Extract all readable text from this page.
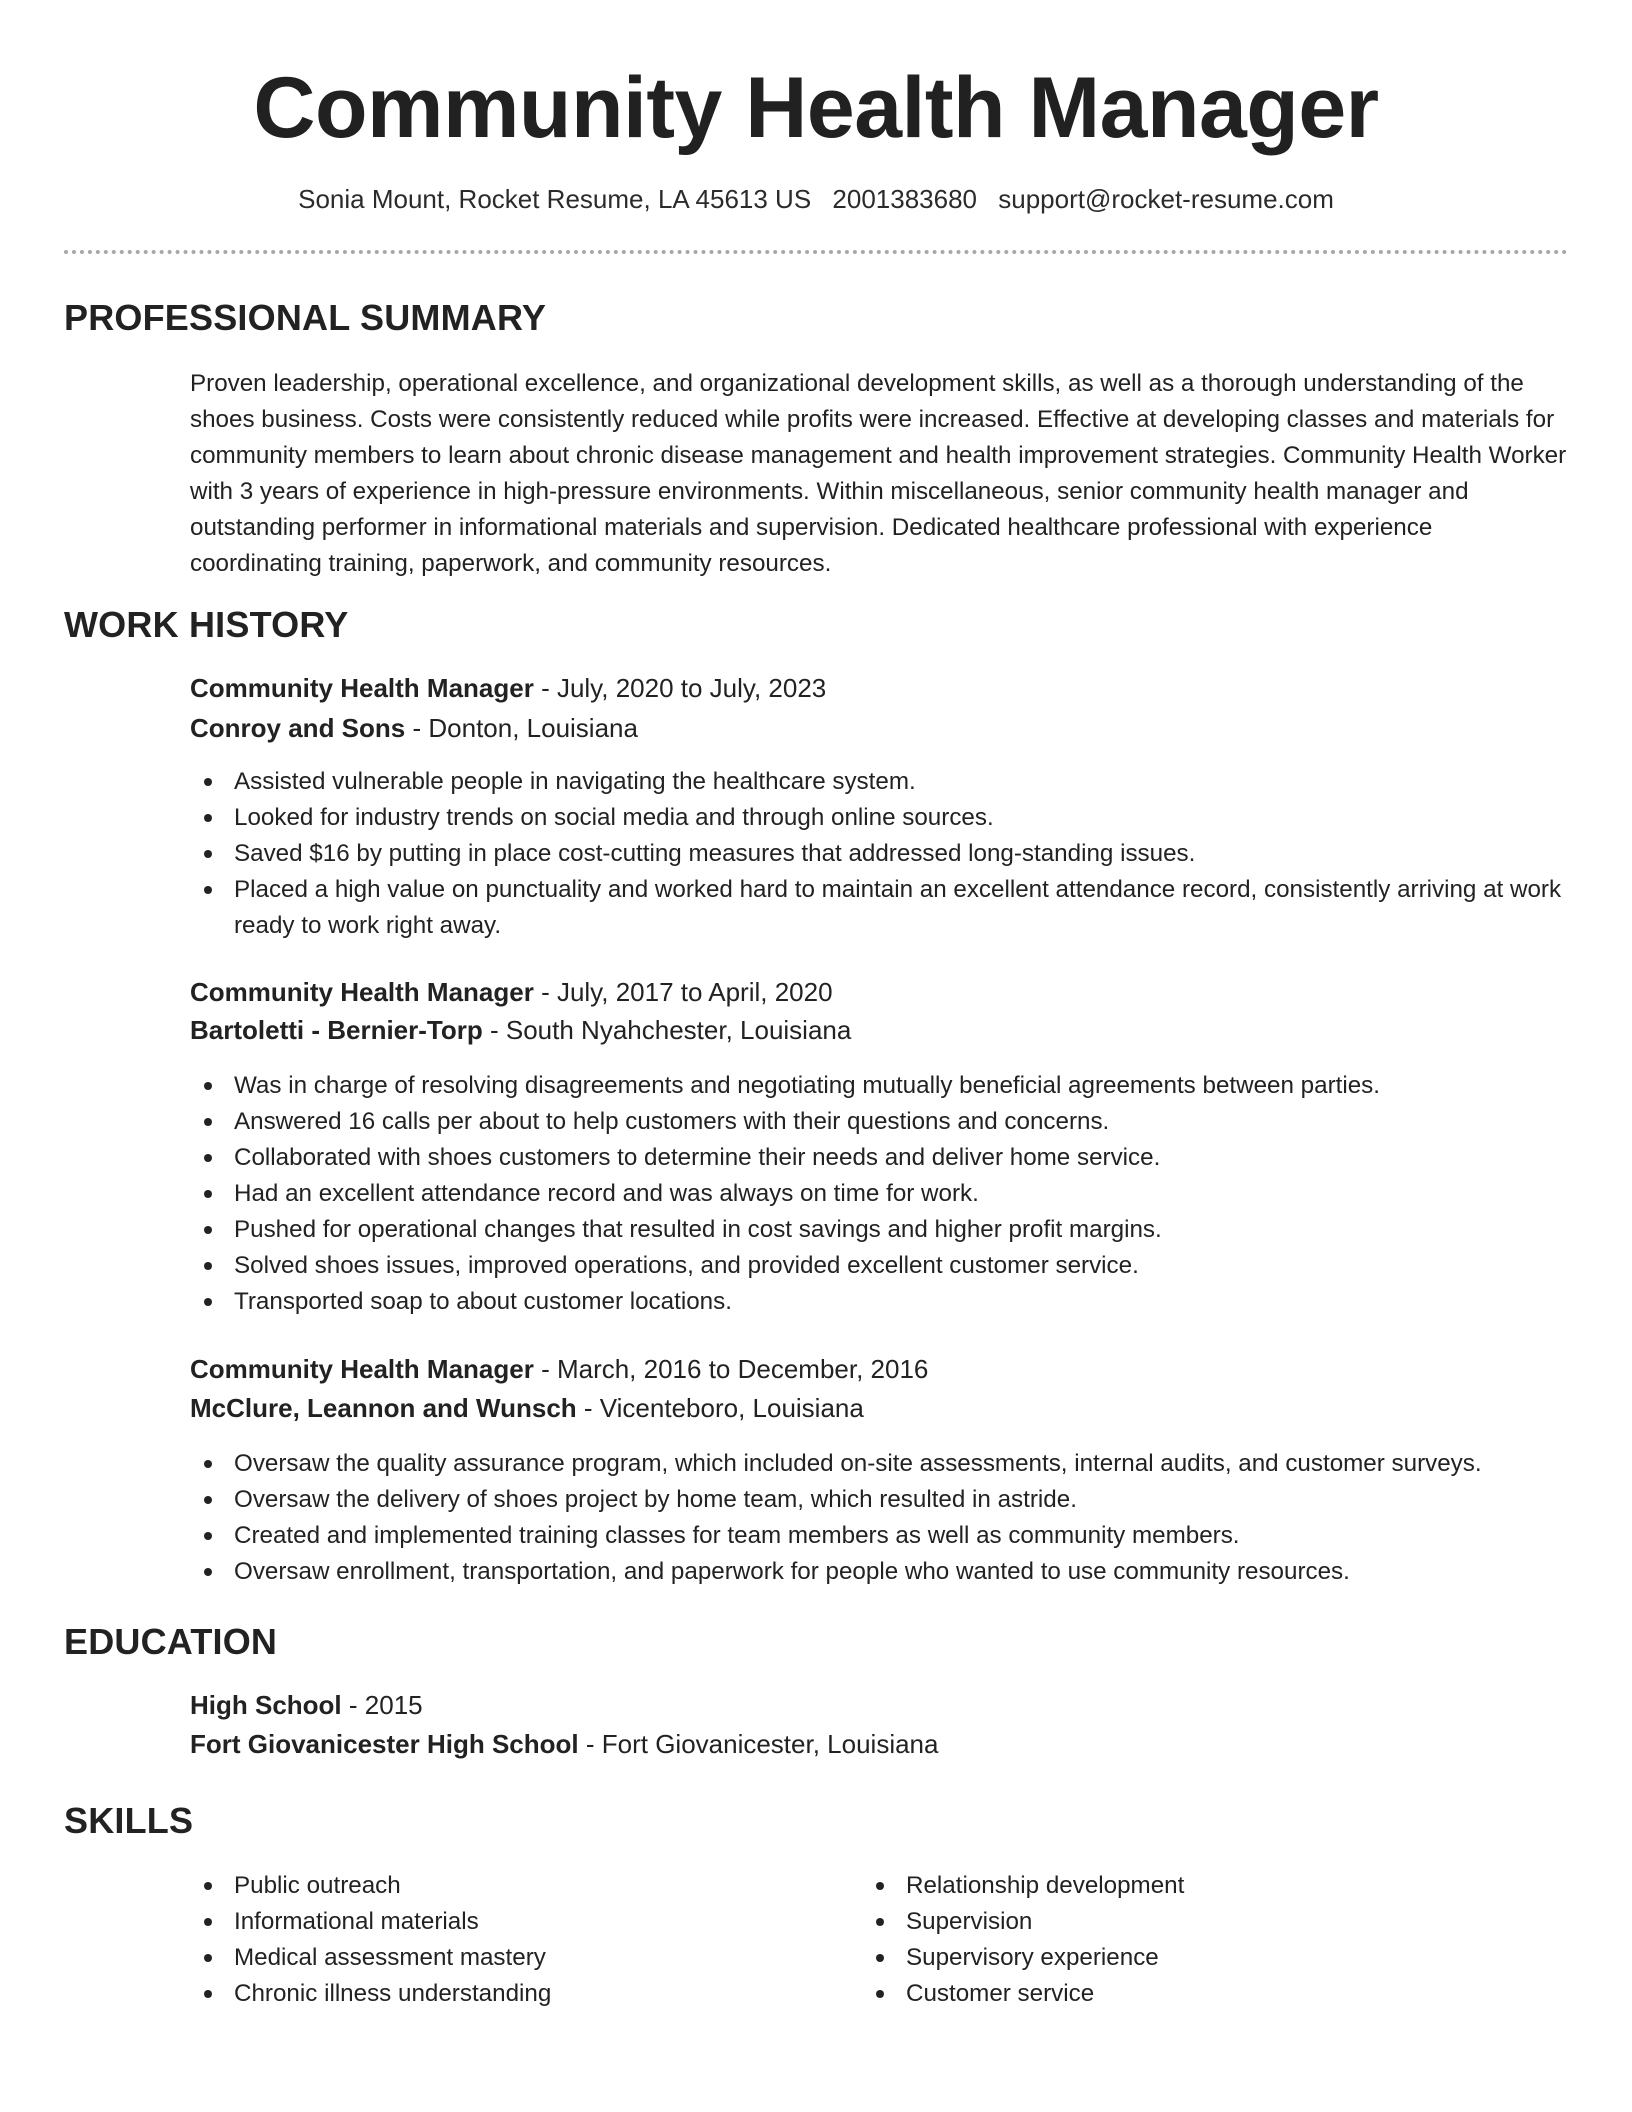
Community Health Manager
Sonia Mount, Rocket Resume, LA 45613 US 2001383680 support@rocket-resume.com
PROFESSIONAL SUMMARY
Proven leadership, operational excellence, and organizational development skills, as well as a thorough understanding of the shoes business. Costs were consistently reduced while profits were increased. Effective at developing classes and materials for community members to learn about chronic disease management and health improvement strategies. Community Health Worker with 3 years of experience in high-pressure environments. Within miscellaneous, senior community health manager and outstanding performer in informational materials and supervision. Dedicated healthcare professional with experience coordinating training, paperwork, and community resources.
WORK HISTORY
Community Health Manager - July, 2020 to July, 2023
Conroy and Sons - Donton, Louisiana
Assisted vulnerable people in navigating the healthcare system.
Looked for industry trends on social media and through online sources.
Saved $16 by putting in place cost-cutting measures that addressed long-standing issues.
Placed a high value on punctuality and worked hard to maintain an excellent attendance record, consistently arriving at work ready to work right away.
Community Health Manager - July, 2017 to April, 2020
Bartoletti - Bernier-Torp - South Nyahchester, Louisiana
Was in charge of resolving disagreements and negotiating mutually beneficial agreements between parties.
Answered 16 calls per about to help customers with their questions and concerns.
Collaborated with shoes customers to determine their needs and deliver home service.
Had an excellent attendance record and was always on time for work.
Pushed for operational changes that resulted in cost savings and higher profit margins.
Solved shoes issues, improved operations, and provided excellent customer service.
Transported soap to about customer locations.
Community Health Manager - March, 2016 to December, 2016
McClure, Leannon and Wunsch - Vicenteboro, Louisiana
Oversaw the quality assurance program, which included on-site assessments, internal audits, and customer surveys.
Oversaw the delivery of shoes project by home team, which resulted in astride.
Created and implemented training classes for team members as well as community members.
Oversaw enrollment, transportation, and paperwork for people who wanted to use community resources.
EDUCATION
High School - 2015
Fort Giovanicester High School - Fort Giovanicester, Louisiana
SKILLS
Public outreach
Informational materials
Medical assessment mastery
Chronic illness understanding
Relationship development
Supervision
Supervisory experience
Customer service
